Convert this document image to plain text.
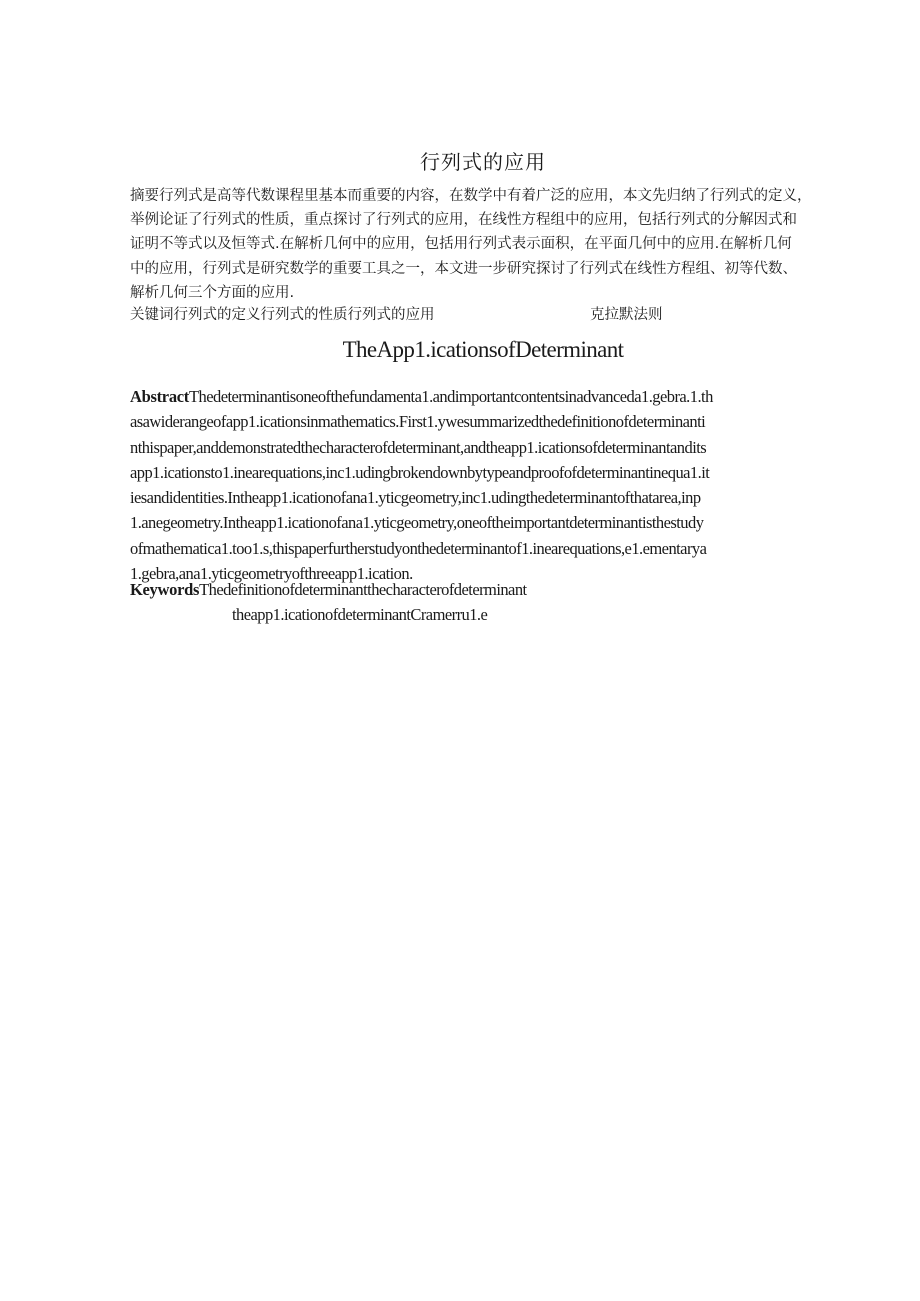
行列式的应用
摘要行列式是高等代数课程里基本而重要的内容，在数学中有着广泛的应用，本文先归纳了行列式的定义，
举例论证了行列式的性质，重点探讨了行列式的应用，在线性方程组中的应用，包括行列式的分解因式和
证明不等式以及恒等式.在解析几何中的应用，包括用行列式表示面积，在平面几何中的应用.在解析几何
中的应用，行列式是研究数学的重要工具之一，本文进一步研究探讨了行列式在线性方程组、初等代数、
解析几何三个方面的应用.
关键词行列式的定义行列式的性质行列式的应用	克拉默法则
TheApp1.icationsofDeterminant
AbstractThedeterminantisoneofthefundamenta1.andimportantcontentsinadvanceda1.gebra.1.th
asawiderangeofapp1.icationsinmathematics.First1.ywesummarizedthedefinitionofdeterminanti
nthispaper,anddemonstratedthecharacterofdeterminant,andtheapp1.icationsofdeterminantandits
app1.icationsto1.inearequations,inc1.udingbrokendownbytypeandproofofdeterminantinequa1.it
iesandidentities.Intheapp1.icationofana1.yticgeometry,inc1.udingthedeterminantofthatarea,inp
1.anegeometry.Intheapp1.icationofana1.yticgeometry,oneoftheimportantdeterminantisthestudy
ofmathematica1.too1.s,thispaperfurtherstudyonthedeterminantof1.inearequations,e1.ementarya
1.gebra,ana1.yticgeometryofthreeapp1.ication.
KeywordsThedefinitionofdeterminantthecharacterofdeterminant
theapp1.icationofdeterminantCramerru1.e
